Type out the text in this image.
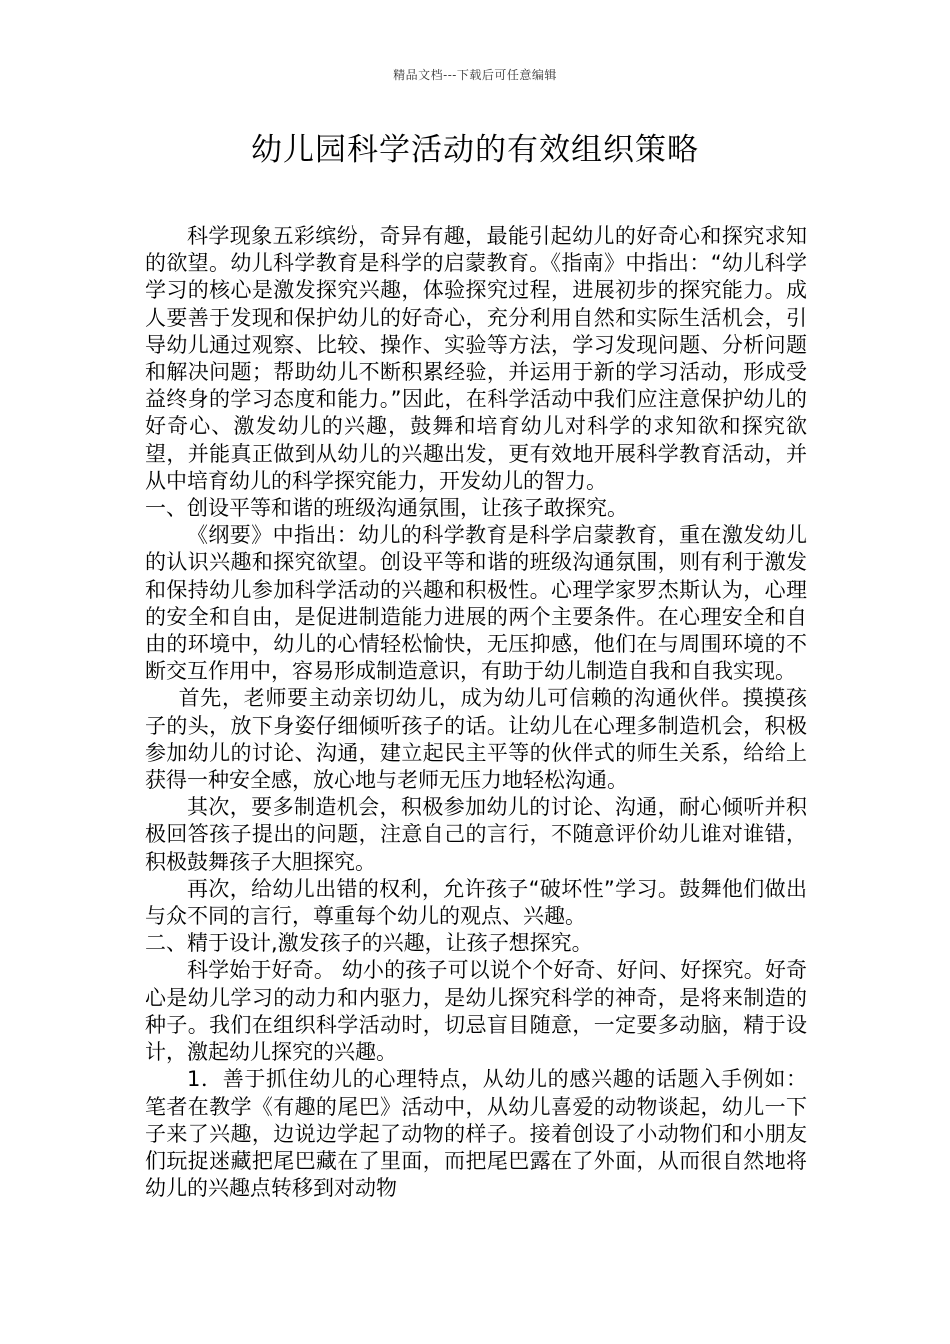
精品文档---下载后可任意编辑
幼儿园科学活动的有效组织策略

科学现象五彩缤纷，奇异有趣，最能引起幼儿的好奇心和探究求知的欲望。幼儿科学教育是科学的启蒙教育。《指南》中指出：“幼儿科学学习的核心是激发探究兴趣，体验探究过程，进展初步的探究能力。成人要善于发现和保护幼儿的好奇心，充分利用自然和实际生活机会，引导幼儿通过观察、比较、操作、实验等方法，学习发现问题、分析问题和解决问题；帮助幼儿不断积累经验，并运用于新的学习活动，形成受益终身的学习态度和能力。”因此，在科学活动中我们应注意保护幼儿的好奇心、激发幼儿的兴趣，鼓舞和培育幼儿对科学的求知欲和探究欲望，并能真正做到从幼儿的兴趣出发，更有效地开展科学教育活动，并从中培育幼儿的科学探究能力，开发幼儿的智力。

一、创设平等和谐的班级沟通氛围，让孩子敢探究。

《纲要》中指出：幼儿的科学教育是科学启蒙教育，重在激发幼儿的认识兴趣和探究欲望。创设平等和谐的班级沟通氛围，则有利于激发和保持幼儿参加科学活动的兴趣和积极性。心理学家罗杰斯认为，心理的安全和自由，是促进制造能力进展的两个主要条件。在心理安全和自由的环境中，幼儿的心情轻松愉快，无压抑感，他们在与周围环境的不断交互作用中，容易形成制造意识，有助于幼儿制造自我和自我实现。

首先，老师要主动亲切幼儿，成为幼儿可信赖的沟通伙伴。摸摸孩子的头，放下身姿仔细倾听孩子的话。让幼儿在心理多制造机会，积极参加幼儿的讨论、沟通，建立起民主平等的伙伴式的师生关系，给给上获得一种安全感，放心地与老师无压力地轻松沟通。

其次，要多制造机会，积极参加幼儿的讨论、沟通，耐心倾听并积极回答孩子提出的问题，注意自己的言行，不随意评价幼儿谁对谁错，积极鼓舞孩子大胆探究。

再次，给幼儿出错的权利，允许孩子“破坏性”学习。鼓舞他们做出与众不同的言行，尊重每个幼儿的观点、兴趣。

二、精于设计,激发孩子的兴趣，让孩子想探究。

科学始于好奇。 幼小的孩子可以说个个好奇、好问、好探究。好奇心是幼儿学习的动力和内驱力，是幼儿探究科学的神奇，是将来制造的种子。我们在组织科学活动时，切忌盲目随意，一定要多动脑，精于设计，激起幼儿探究的兴趣。

1．善于抓住幼儿的心理特点，从幼儿的感兴趣的话题入手例如：笔者在教学《有趣的尾巴》活动中，从幼儿喜爱的动物谈起，幼儿一下子来了兴趣，边说边学起了动物的样子。接着创设了小动物们和小朋友们玩捉迷藏把尾巴藏在了里面，而把尾巴露在了外面，从而很自然地将幼儿的兴趣点转移到对动物
